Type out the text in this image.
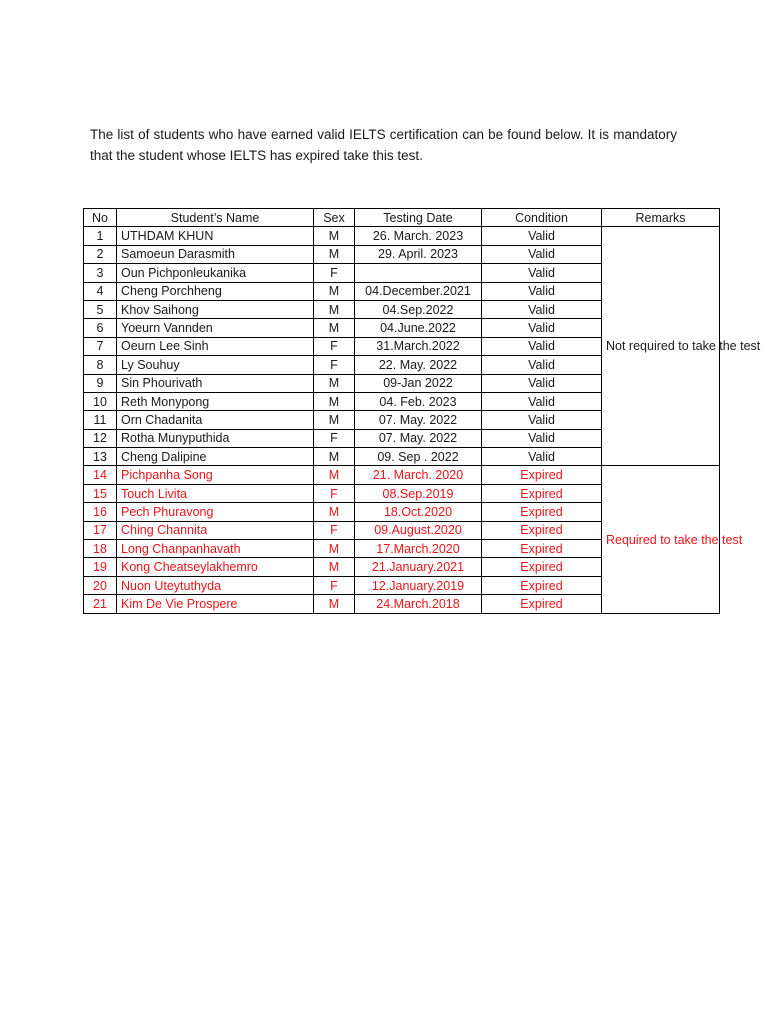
The list of students who have earned valid IELTS certification can be found below. It is mandatory that the student whose IELTS has expired take this test.

No	Student’s Name	Sex	Testing Date	Condition	Remarks
1	UTHDAM KHUN	M	26. March. 2023	Valid	Not required to take the test
2	Samoeun Darasmith	M	29. April. 2023	Valid	
3	Oun Pichponleukanika	F		Valid	
4	Cheng Porchheng	M	04.December.2021	Valid	
5	Khov Saihong	M	04.Sep.2022	Valid	
6	Yoeurn Vannden	M	04.June.2022	Valid	
7	Oeurn Lee Sinh	F	31.March.2022	Valid	
8	Ly Souhuy	F	22. May. 2022	Valid	
9	Sin Phourivath	M	09-Jan 2022	Valid	
10	Reth Monypong	M	04. Feb. 2023	Valid	
11	Orn Chadanita	M	07. May. 2022	Valid	
12	Rotha Munyputhida	F	07. May. 2022	Valid	
13	Cheng Dalipine	M	09. Sep . 2022	Valid	
14	Pichpanha Song	M	21. March. 2020	Expired	Required to take the test
15	Touch Livita	F	08.Sep.2019	Expired	
16	Pech Phuravong	M	18.Oct.2020	Expired	
17	Ching Channita	F	09.August.2020	Expired	
18	Long Chanpanhavath	M	17.March.2020	Expired	
19	Kong Cheatseylakhemro	M	21.January.2021	Expired	
20	Nuon Uteytuthyda	F	12.January.2019	Expired	
21	Kim De Vie Prospere	M	24.March.2018	Expired	
